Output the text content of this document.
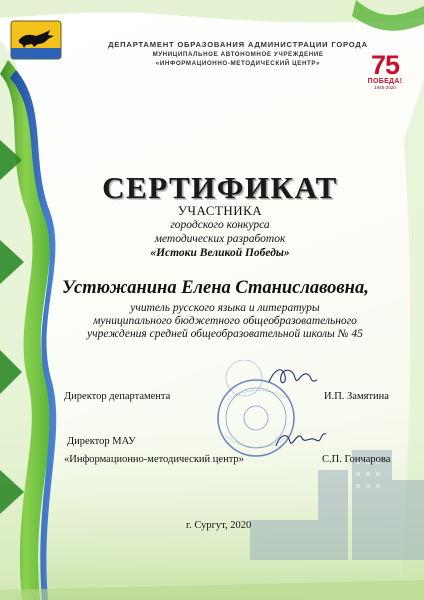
ДЕПАРТАМЕНТ ОБРАЗОВАНИЯ АДМИНИСТРАЦИИ ГОРОДА
МУНИЦИПАЛЬНОЕ АВТОНОМНОЕ УЧРЕЖДЕНИЕ
«ИНФОРМАЦИОННО-МЕТОДИЧЕСКИЙ ЦЕНТР»	75
ПОБЕДА!
1945-2020
СЕРТИФИКАТ
УЧАСТНИКА
городского конкурса
методических разработок
«Истоки Великой Победы»
Устюжанина Елена Станиславовна,
учитель русского языка и литературы
муниципального бюджетного общеобразовательного
учреждения средней общеобразовательной школы № 45
Директор департамента	И.П. Замятина
Директор МАУ
«Информационно-методический центр»	С.П. Гончарова
г. Сургут, 2020
